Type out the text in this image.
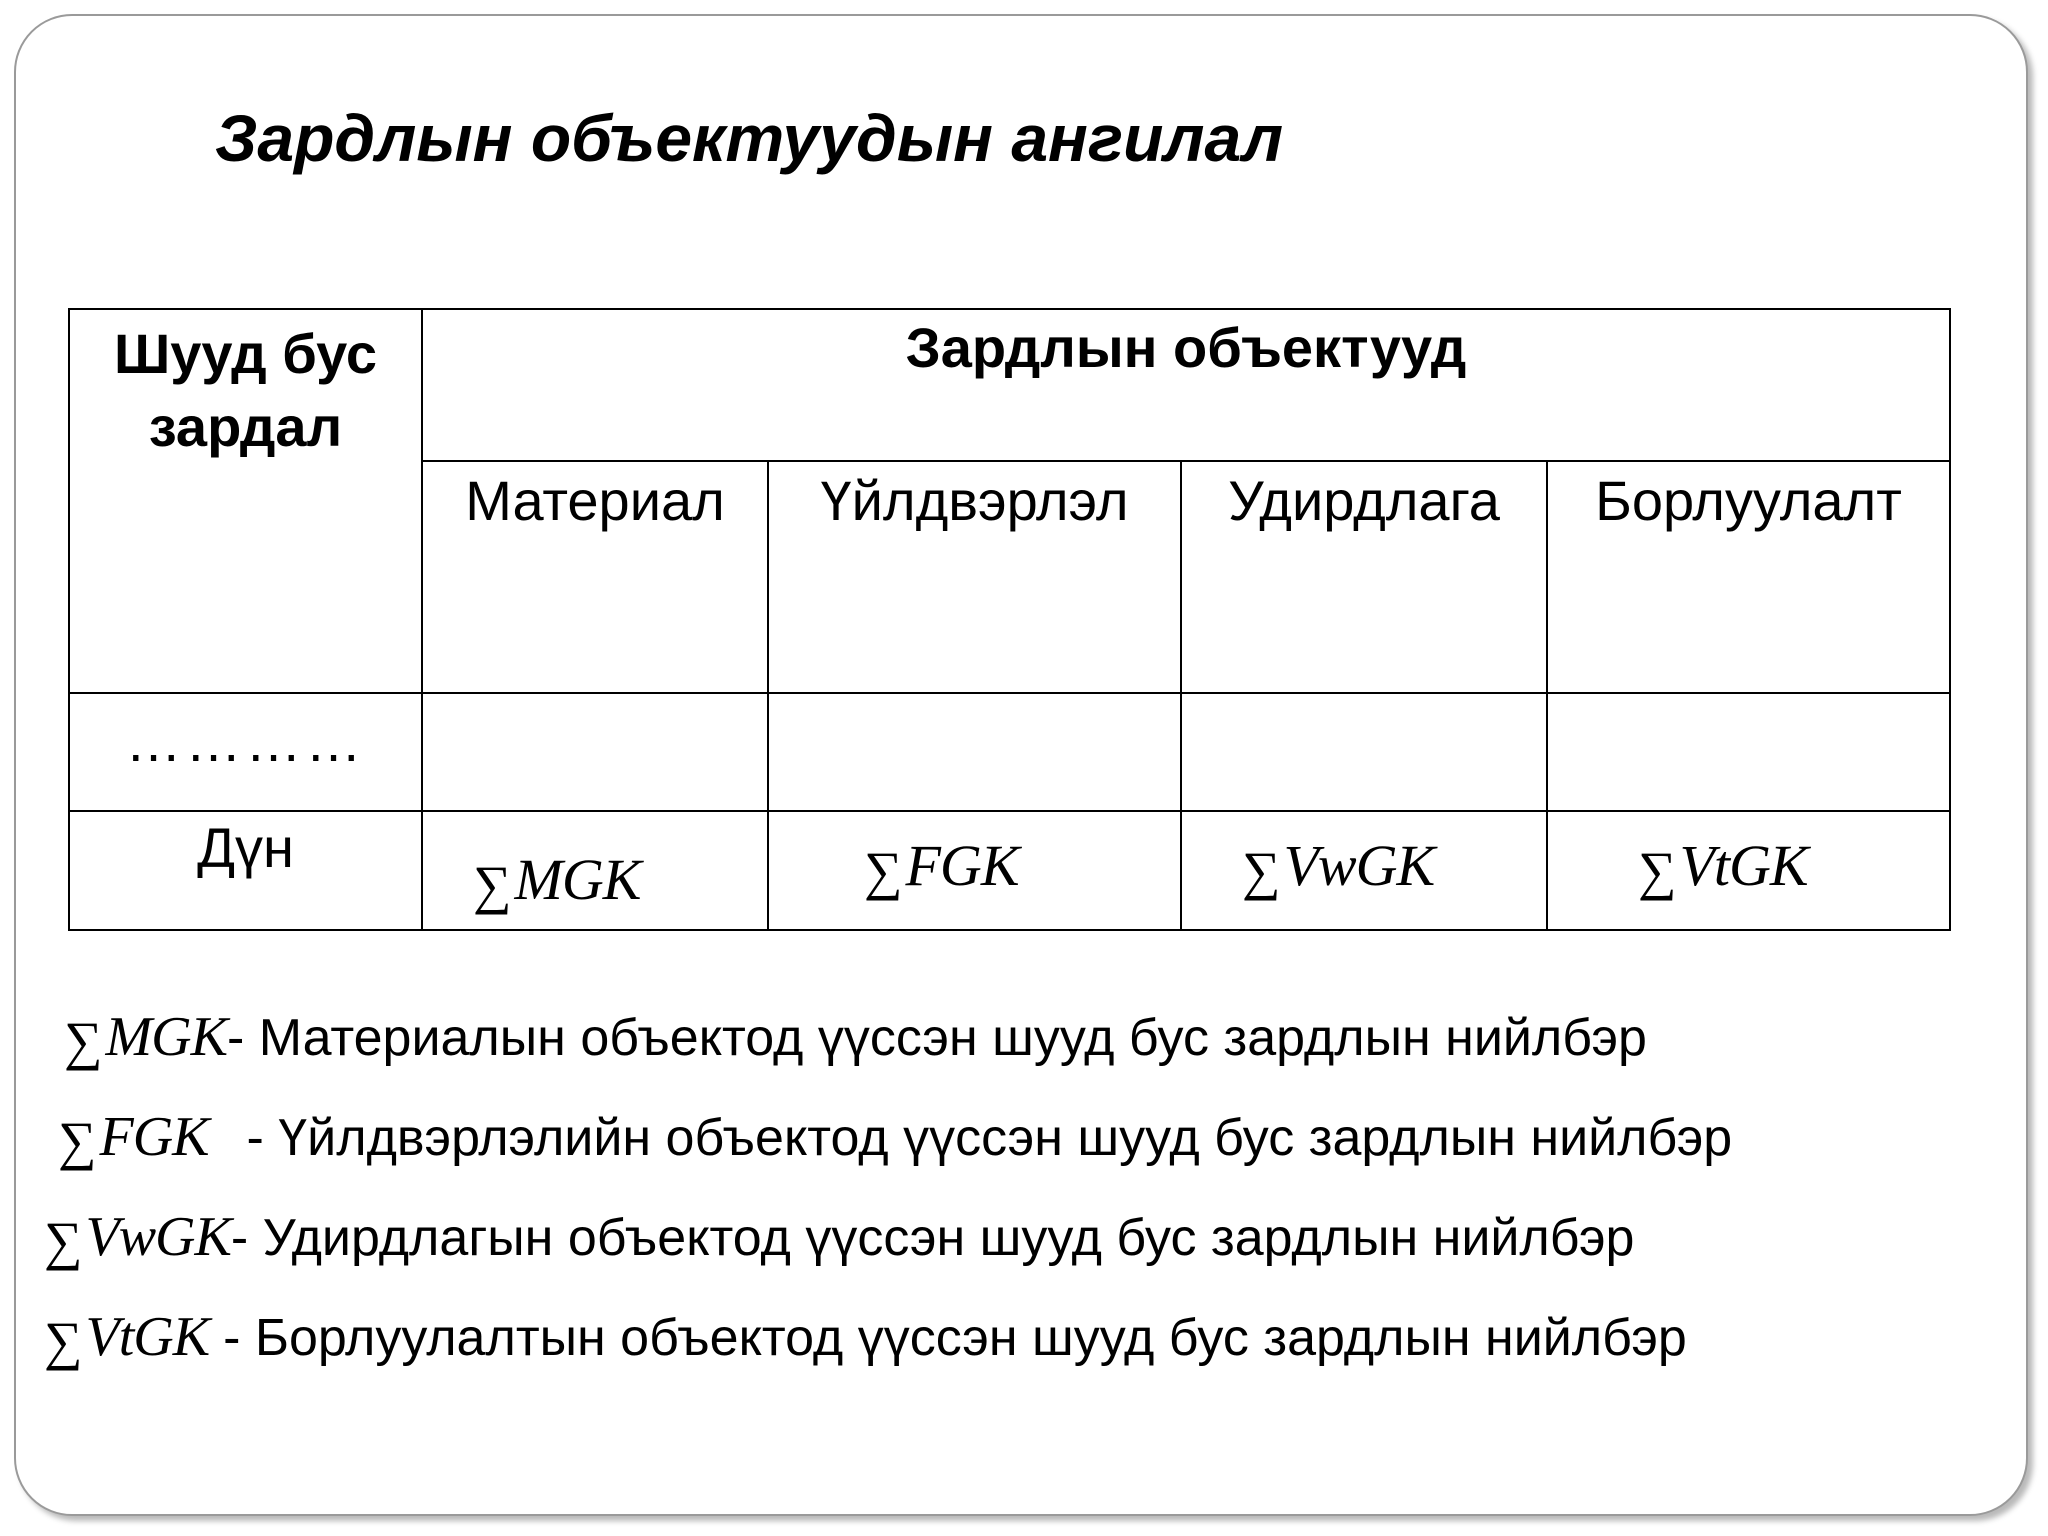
Зардлын объектуудын ангилал
Шууд бус зардал	Зардлын объектууд			

	Материал	Үйлдвэрлэл	Удирдлага	Борлуулалт

…………				

Дүн	∑MGK	∑FGK	∑VwGK	∑VtGK
∑MGK- Материалын объектод үүссэн шууд бус зардлын нийлбэр
∑FGK - Үйлдвэрлэлийн объектод үүссэн шууд бус зардлын нийлбэр
∑VwGK- Удирдлагын объектод үүссэн шууд бус зардлын нийлбэр
∑VtGK - Борлуулалтын объектод үүссэн шууд бус зардлын нийлбэр
